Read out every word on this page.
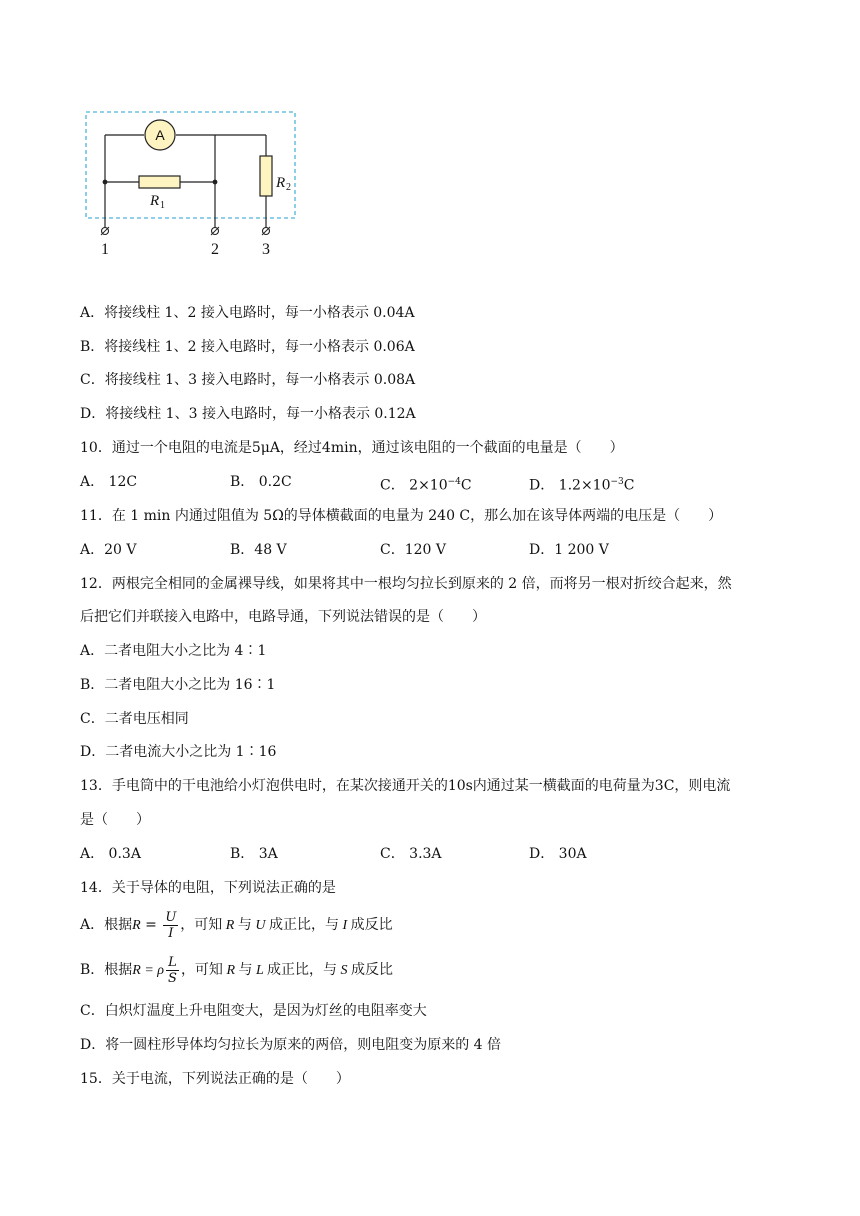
A
R 1
R 2
1	2	3
A．将接线柱 1、2 接入电路时，每一小格表示 0.04A
B．将接线柱 1、2 接入电路时，每一小格表示 0.06A
C．将接线柱 1、3 接入电路时，每一小格表示 0.08A
D．将接线柱 1、3 接入电路时，每一小格表示 0.12A
10．通过一个电阻的电流是5μA，经过4min，通过该电阻的一个截面的电量是（　　）
A． 12C	B． 0.2C	C． $2\times 10^{-4}C$	D． $1.2\times 10^{-3}C$
11．在 1 min 内通过阻值为 5Ω的导体横截面的电量为 240 C，那么加在该导体两端的电压是（　　）
A．20 V	B．48 V	C．120 V	D．1 200 V
12．两根完全相同的金属裸导线，如果将其中一根均匀拉长到原来的 2 倍，而将另一根对折绞合起来，然
后把它们并联接入电路中，电路导通，下列说法错误的是（　　）
A．二者电阻大小之比为 4∶1
B．二者电阻大小之比为 16∶1
C．二者电压相同
D．二者电流大小之比为 1∶16
13．手电筒中的干电池给小灯泡供电时，在某次接通开关的10s内通过某一横截面的电荷量为3C，则电流
是（　　）
A． 0.3A	B． 3A	C． 3.3A	D． 30A
14．关于导体的电阻，下列说法正确的是
A．根据$R = \frac{U}{I}$ ，可知 R 与 U 成正比，与 I 成反比
B．根据R = ρ $\frac{L}{S}$ ，可知 R 与 L 成正比，与 S 成反比
C．白炽灯温度上升电阻变大，是因为灯丝的电阻率变大
D．将一圆柱形导体均匀拉长为原来的两倍，则电阻变为原来的 4 倍
15．关于电流，下列说法正确的是（　　）
